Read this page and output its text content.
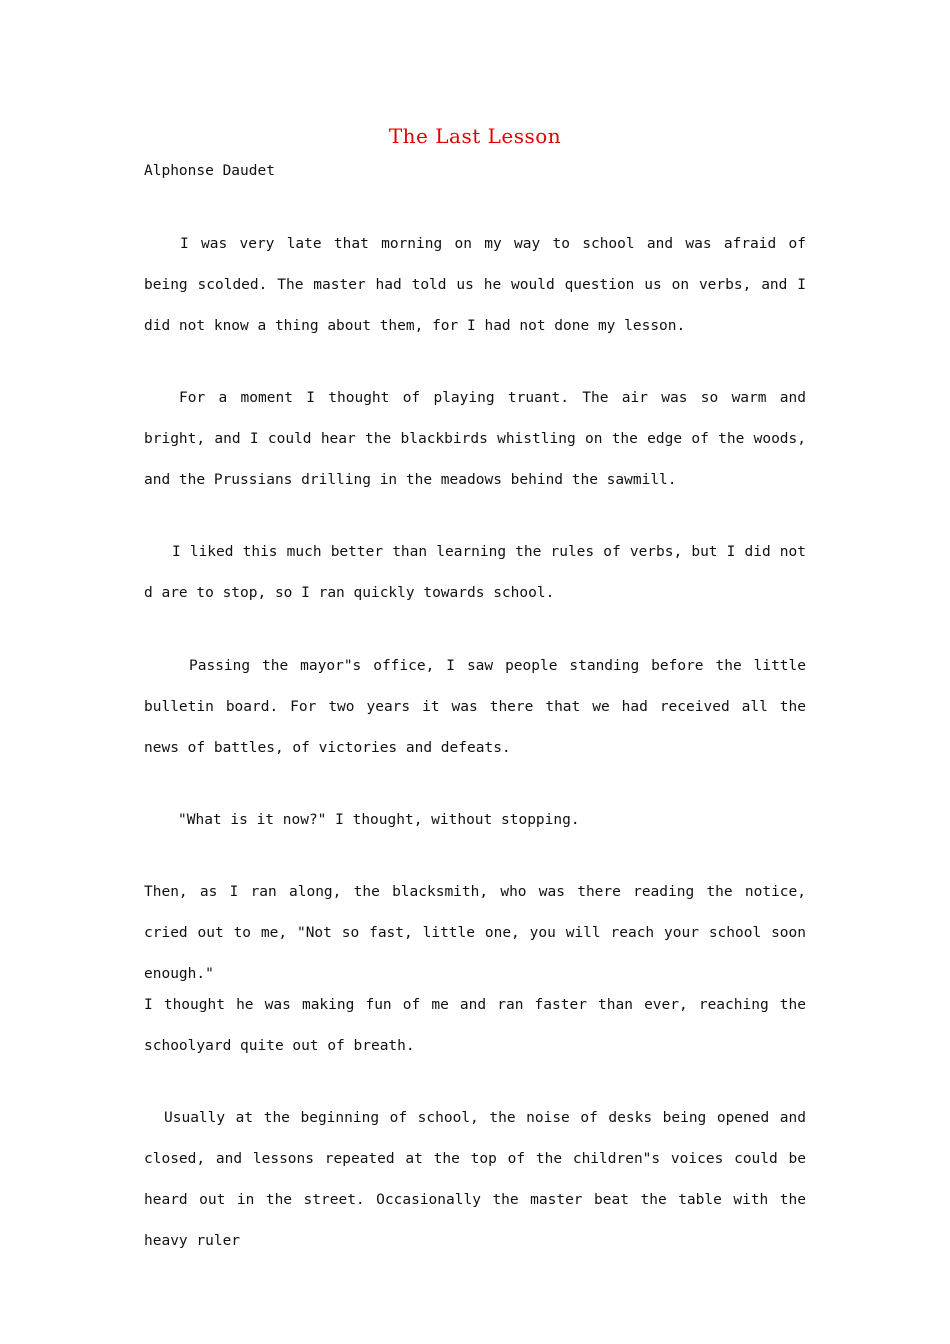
The Last Lesson
Alphonse Daudet
I was very late that morning on my way to school and was afraid of being scolded. The master had told us he would question us on verbs, and I did not know a thing about them, for I had not done my lesson.
For a moment I thought of playing truant. The air was so warm and bright, and I could hear the blackbirds whistling on the edge of the woods, and the Prussians drilling in the meadows behind the sawmill.
I liked this much better than learning the rules of verbs, but I did not d are to stop, so I ran quickly towards school.
Passing the mayor"s office, I saw people standing before the little bulletin board. For two years it was there that we had received all the news of battles, of victories and defeats.
"What is it now?" I thought, without stopping.
Then, as I ran along, the blacksmith, who was there reading the notice, cried out to me, "Not so fast, little one, you will reach your school soon enough."
I thought he was making fun of me and ran faster than ever, reaching the schoolyard quite out of breath.
Usually at the beginning of school, the noise of desks being opened and closed, and lessons repeated at the top of the children"s voices could be heard out in the street. Occasionally the master beat the table with the heavy ruler
